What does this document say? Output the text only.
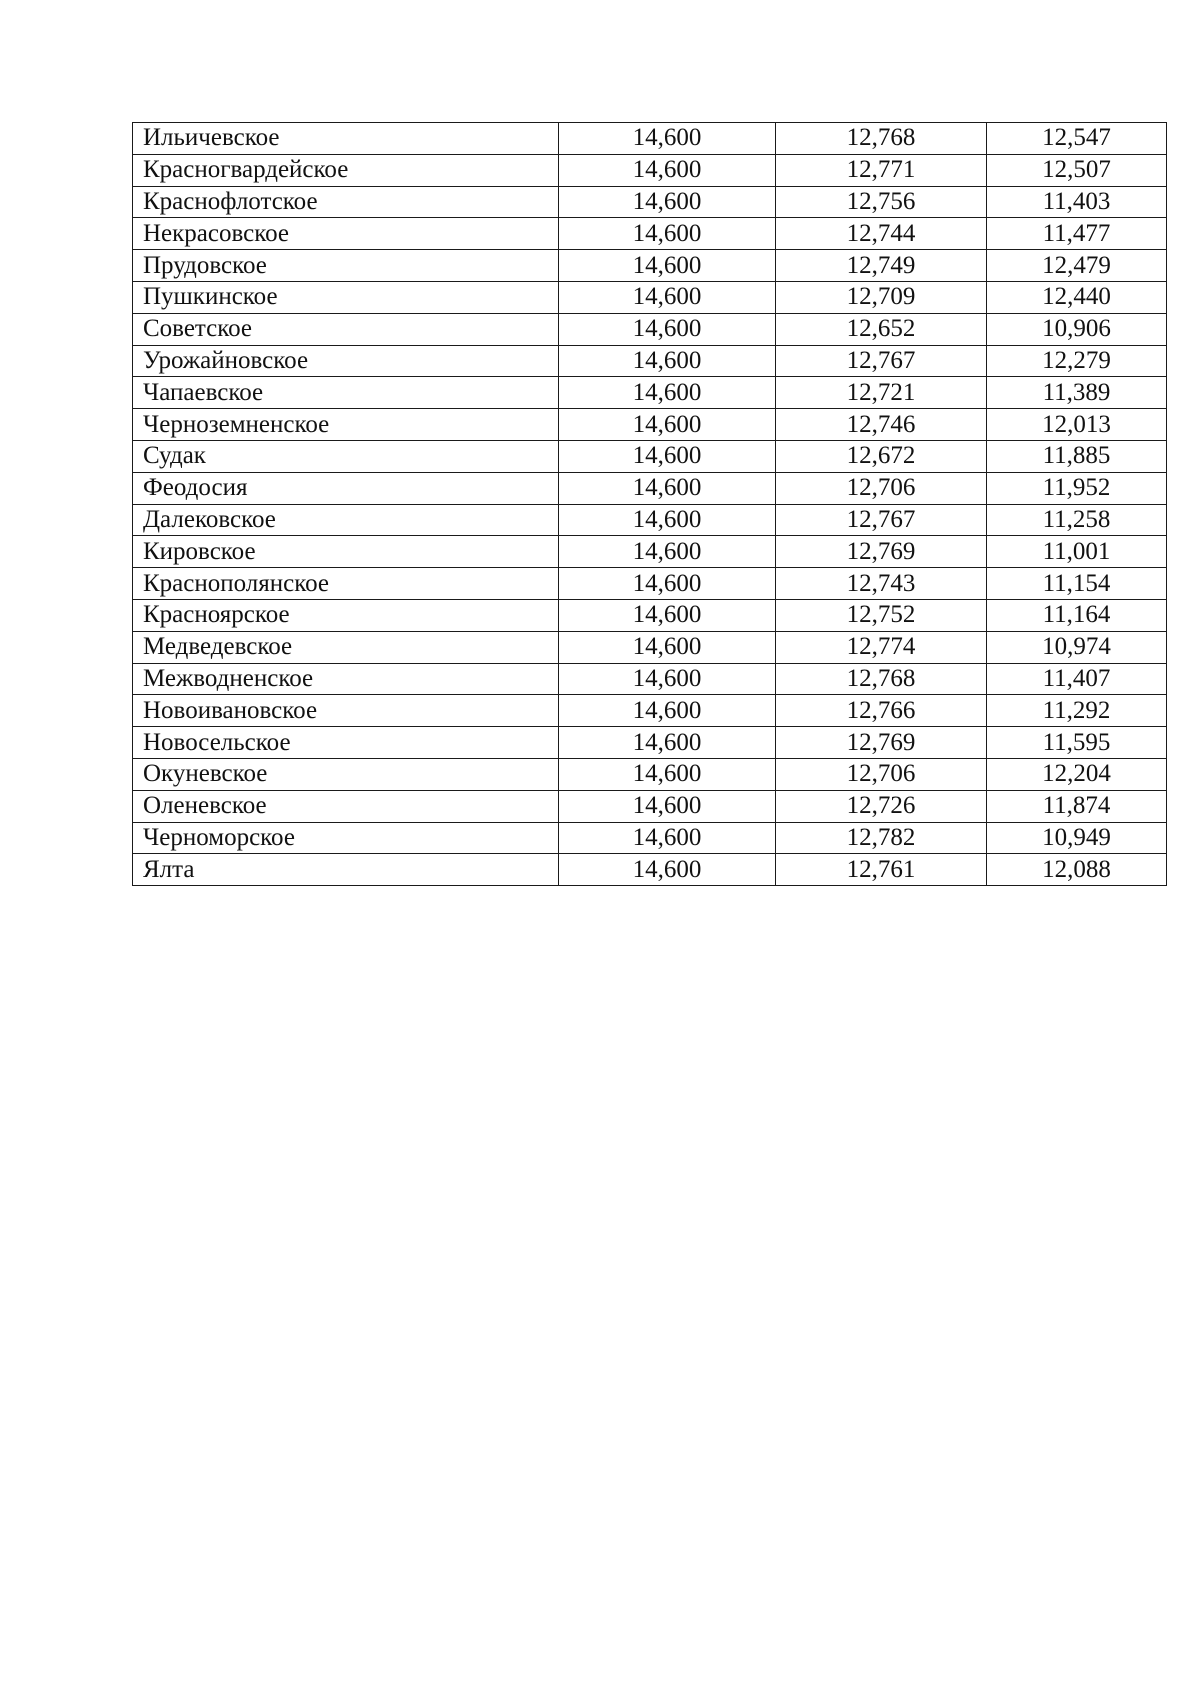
Ильичевское	14,600	12,768	12,547
Красногвардейское	14,600	12,771	12,507
Краснофлотское	14,600	12,756	11,403
Некрасовское	14,600	12,744	11,477
Прудовское	14,600	12,749	12,479
Пушкинское	14,600	12,709	12,440
Советское	14,600	12,652	10,906
Урожайновское	14,600	12,767	12,279
Чапаевское	14,600	12,721	11,389
Черноземненское	14,600	12,746	12,013
Судак	14,600	12,672	11,885
Феодосия	14,600	12,706	11,952
Далековское	14,600	12,767	11,258
Кировское	14,600	12,769	11,001
Краснополянское	14,600	12,743	11,154
Красноярское	14,600	12,752	11,164
Медведевское	14,600	12,774	10,974
Межводненское	14,600	12,768	11,407
Новоивановское	14,600	12,766	11,292
Новосельское	14,600	12,769	11,595
Окуневское	14,600	12,706	12,204
Оленевское	14,600	12,726	11,874
Черноморское	14,600	12,782	10,949
Ялта	14,600	12,761	12,088
